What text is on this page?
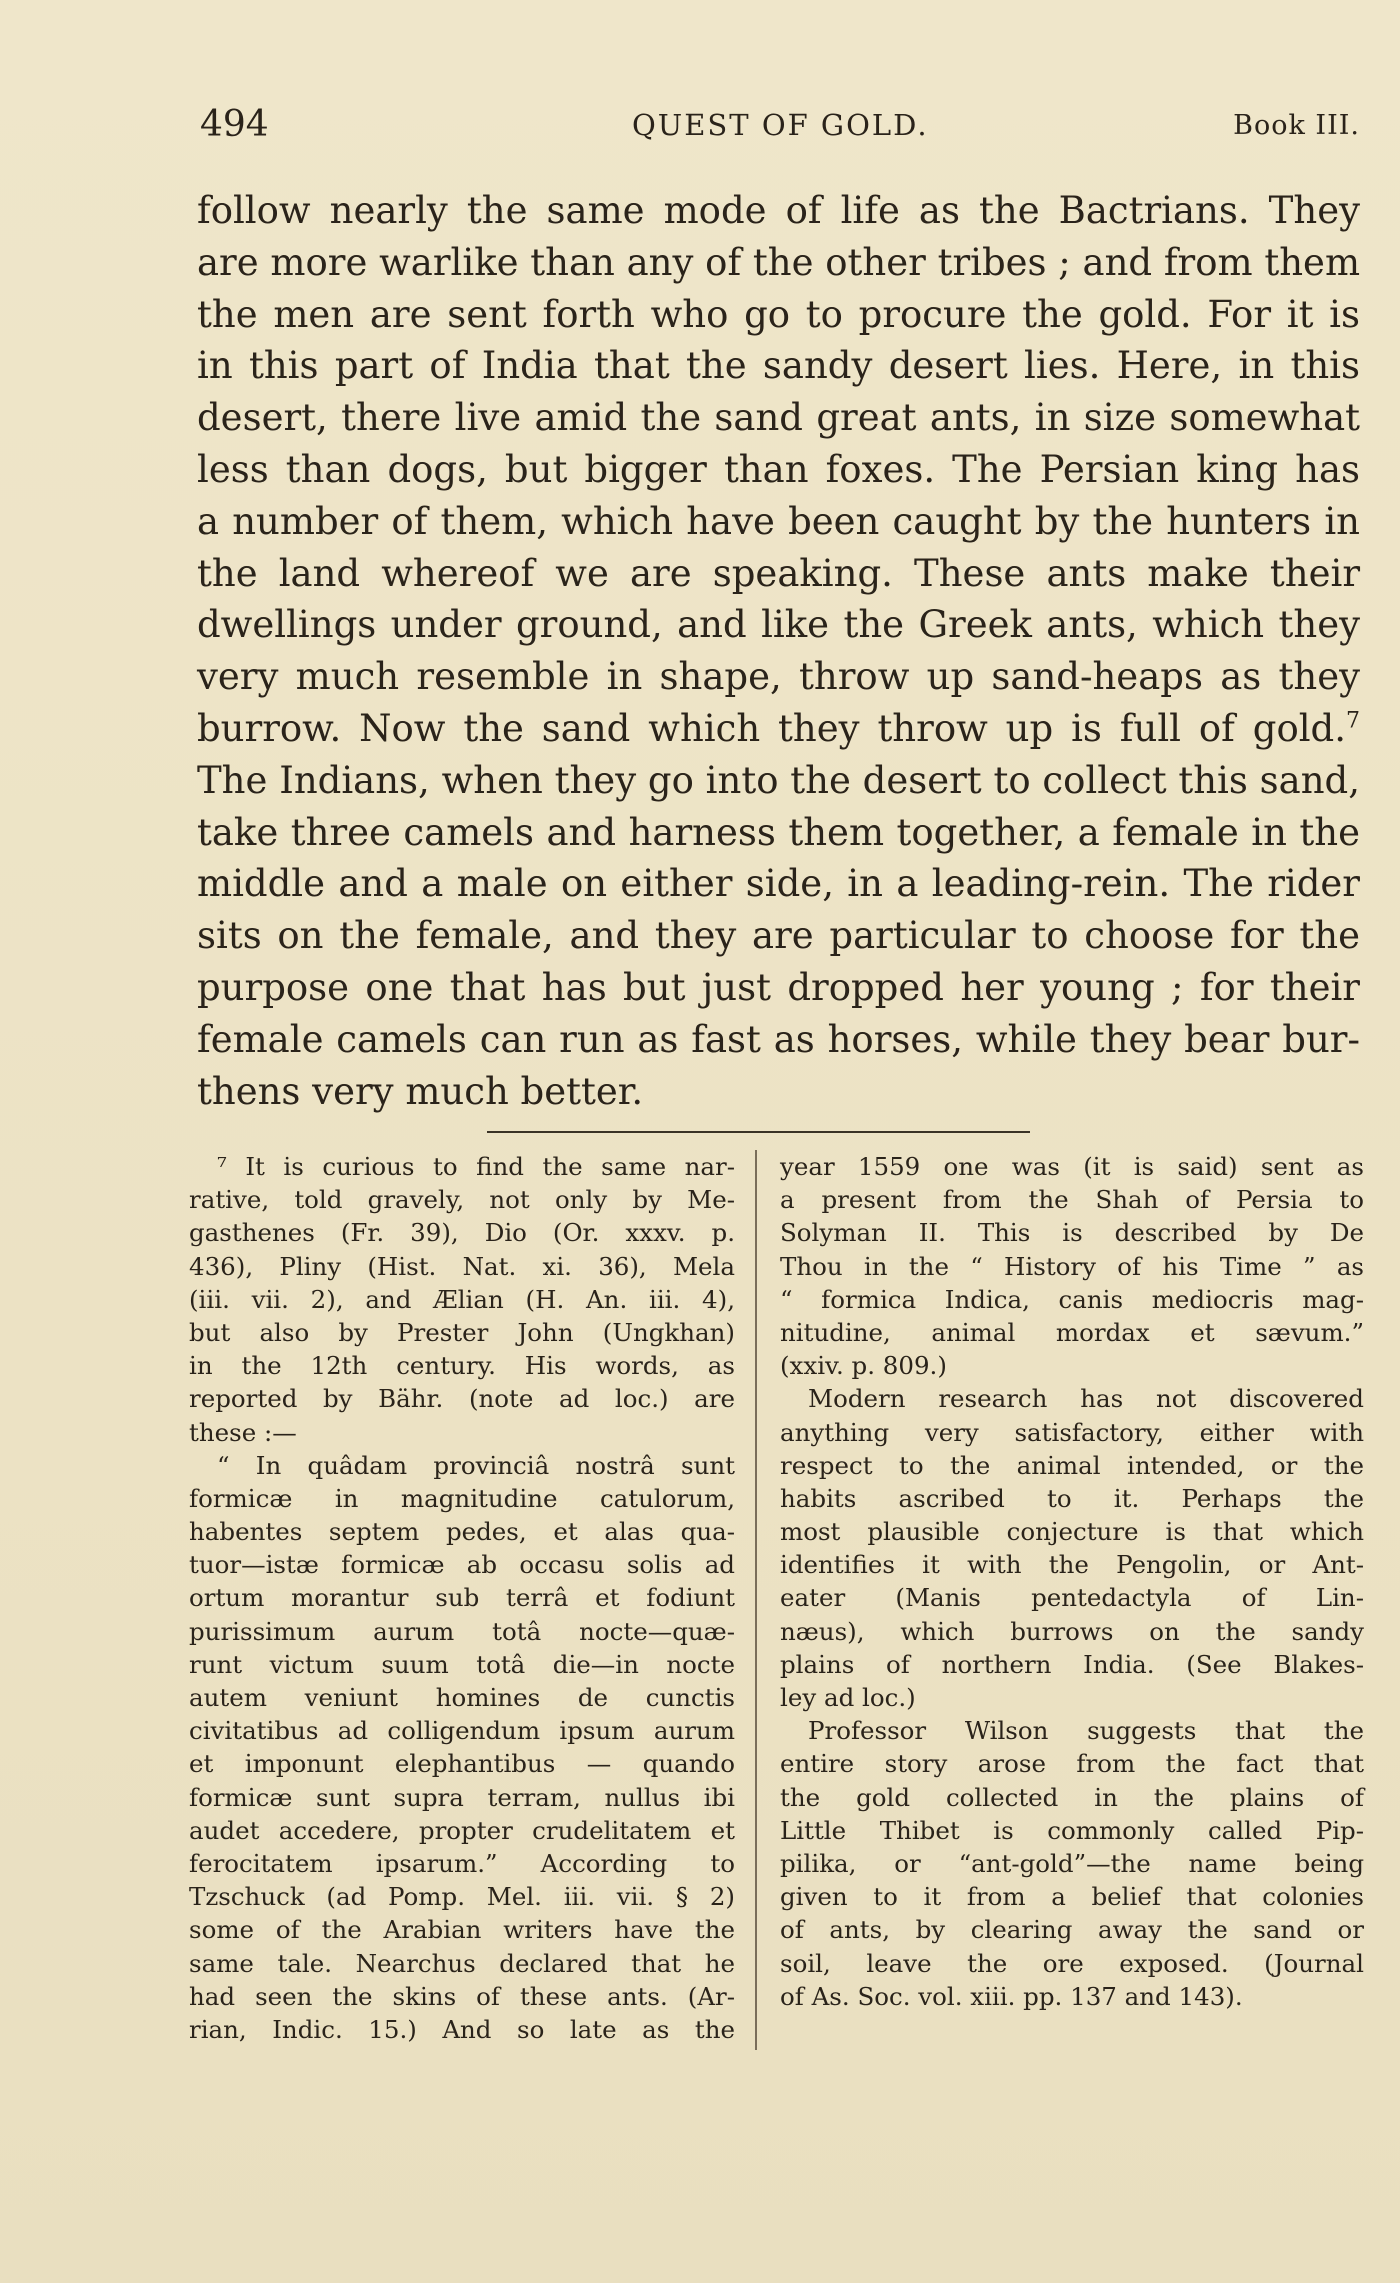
494	QUEST OF GOLD.	Book III.
follow nearly the same mode of life as the Bactrians. They
are more warlike than any of the other tribes ; and from them
the men are sent forth who go to procure the gold. For it is
in this part of India that the sandy desert lies. Here, in this
desert, there live amid the sand great ants, in size somewhat
less than dogs, but bigger than foxes. The Persian king has
a number of them, which have been caught by the hunters in
the land whereof we are speaking. These ants make their
dwellings under ground, and like the Greek ants, which they
very much resemble in shape, throw up sand-heaps as they
burrow. Now the sand which they throw up is full of gold.$^7$
The Indians, when they go into the desert to collect this sand,
take three camels and harness them together, a female in the
middle and a male on either side, in a leading-rein. The rider
sits on the female, and they are particular to choose for the
purpose one that has but just dropped her young ; for their
female camels can run as fast as horses, while they bear bur-
thens very much better.
⁷ It is curious to find the same nar-
rative, told gravely, not only by Me-
gasthenes (Fr. 39), Dio (Or. xxxv. p.
436), Pliny (Hist. Nat. xi. 36), Mela
(iii. vii. 2), and Ælian (H. An. iii. 4),
but also by Prester John (Ungkhan)
in the 12th century. His words, as
reported by Bähr. (note ad loc.) are
these :—
“ In quâdam provinciâ nostrâ sunt
formicæ in magnitudine catulorum,
habentes septem pedes, et alas qua-
tuor—istæ formicæ ab occasu solis ad
ortum morantur sub terrâ et fodiunt
purissimum aurum totâ nocte—quæ-
runt victum suum totâ die—in nocte
autem veniunt homines de cunctis
civitatibus ad colligendum ipsum aurum
et imponunt elephantibus — quando
formicæ sunt supra terram, nullus ibi
audet accedere, propter crudelitatem et
ferocitatem ipsarum.” According to
Tzschuck (ad Pomp. Mel. iii. vii. § 2)
some of the Arabian writers have the
same tale. Nearchus declared that he
had seen the skins of these ants. (Ar-
rian, Indic. 15.) And so late as the
year 1559 one was (it is said) sent as
a present from the Shah of Persia to
Solyman II. This is described by De
Thou in the “ History of his Time ” as
“ formica Indica, canis mediocris mag-
nitudine, animal mordax et sævum.”
(xxiv. p. 809.)
Modern research has not discovered
anything very satisfactory, either with
respect to the animal intended, or the
habits ascribed to it. Perhaps the
most plausible conjecture is that which
identifies it with the Pengolin, or Ant-
eater (Manis pentedactyla of Lin-
næus), which burrows on the sandy
plains of northern India. (See Blakes-
ley ad loc.)
Professor Wilson suggests that the
entire story arose from the fact that
the gold collected in the plains of
Little Thibet is commonly called Pip-
pilika, or “ant-gold”—the name being
given to it from a belief that colonies
of ants, by clearing away the sand or
soil, leave the ore exposed. (Journal
of As. Soc. vol. xiii. pp. 137 and 143).
